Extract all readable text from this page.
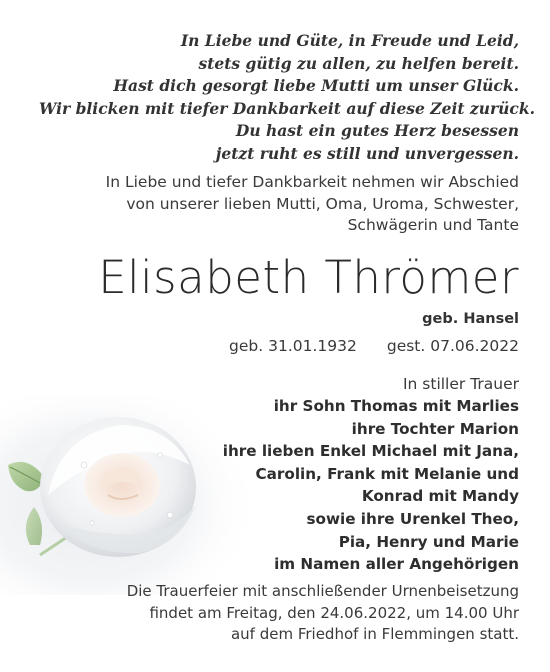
In Liebe und Güte, in Freude und Leid,
stets gütig zu allen, zu helfen bereit.
Hast dich gesorgt liebe Mutti um unser Glück.
Wir blicken mit tiefer Dankbarkeit auf diese Zeit zurück.
Du hast ein gutes Herz besessen
jetzt ruht es still und unvergessen.
In Liebe und tiefer Dankbarkeit nehmen wir Abschied
von unserer lieben Mutti, Oma, Uroma, Schwester,
Schwägerin und Tante
Elisabeth Thrömer
geb. Hansel
geb. 31.01.1932 gest. 07.06.2022
In stiller Trauer
ihr Sohn Thomas mit Marlies
ihre Tochter Marion
ihre lieben Enkel Michael mit Jana,
Carolin, Frank mit Melanie und
Konrad mit Mandy
sowie ihre Urenkel Theo,
Pia, Henry und Marie
im Namen aller Angehörigen
Die Trauerfeier mit anschließender Urnenbeisetzung
findet am Freitag, den 24.06.2022, um 14.00 Uhr
auf dem Friedhof in Flemmingen statt.
